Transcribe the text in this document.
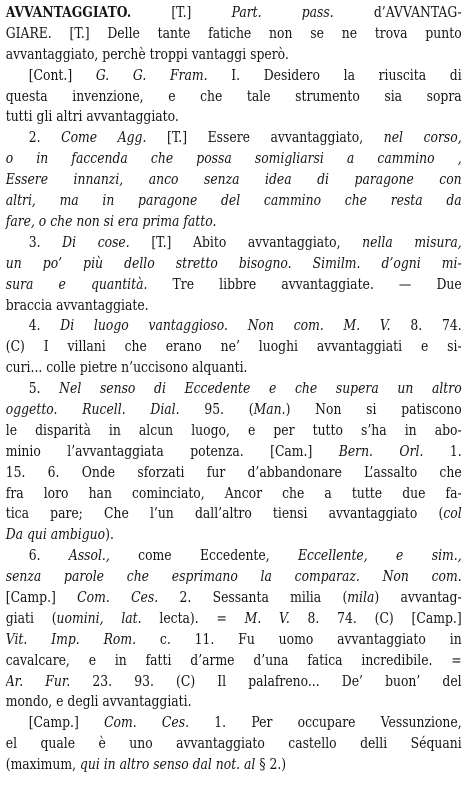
AVVANTAGGIATO. [T.] Part. pass. d’AVVANTAG-
GIARE. [T.] Delle tante fatiche non se ne trova punto
avvantaggiato, perchè troppi vantaggi sperò.
[Cont.] G. G. Fram. I. Desidero la riuscita di
questa invenzione, e che tale strumento sia sopra
tutti gli altri avvantaggiato.
2. Come Agg. [T.] Essere avvantaggiato, nel corso,
o in faccenda che possa somigliarsi a cammino ,
Essere innanzi, anco senza idea di paragone con
altri, ma in paragone del cammino che resta da
fare, o che non si era prima fatto.
3. Di cose. [T.] Abito avvantaggiato, nella misura,
un po’ più dello stretto bisogno. Similm. d’ogni mi-
sura e quantità. Tre libbre avvantaggiate. — Due
braccia avvantaggiate.
4. Di luogo vantaggioso. Non com. M. V. 8. 74.
(C) I villani che erano ne’ luoghi avvantaggiati e si-
curi... colle pietre n’uccisono alquanti.
5. Nel senso di Eccedente e che supera un altro
oggetto. Rucell. Dial. 95. (Man.) Non si patiscono
le disparità in alcun luogo, e per tutto s’ha in abo-
minio l’avvantaggiata potenza. [Cam.] Bern. Orl. 1.
15. 6. Onde sforzati fur d’abbandonare L’assalto che
fra loro han cominciato, Ancor che a tutte due fa-
tica pare; Che l’un dall’altro tiensi avvantaggiato (col
Da qui ambiguo).
6. Assol., come Eccedente, Eccellente, e sim.,
senza parole che esprimano la comparaz. Non com.
[Camp.] Com. Ces. 2. Sessanta milia (mila) avvantag-
giati (uomini, lat. lecta). = M. V. 8. 74. (C) [Camp.]
Vit. Imp. Rom. c. 11. Fu uomo avvantaggiato in
cavalcare, e in fatti d’arme d’una fatica incredibile. =
Ar. Fur. 23. 93. (C) Il palafreno... De’ buon’ del
mondo, e degli avvantaggiati.
[Camp.] Com. Ces. 1. Per occupare Vessunzione,
el quale è uno avvantaggiato castello delli Séquani
(maximum, qui in altro senso dal not. al § 2.)
